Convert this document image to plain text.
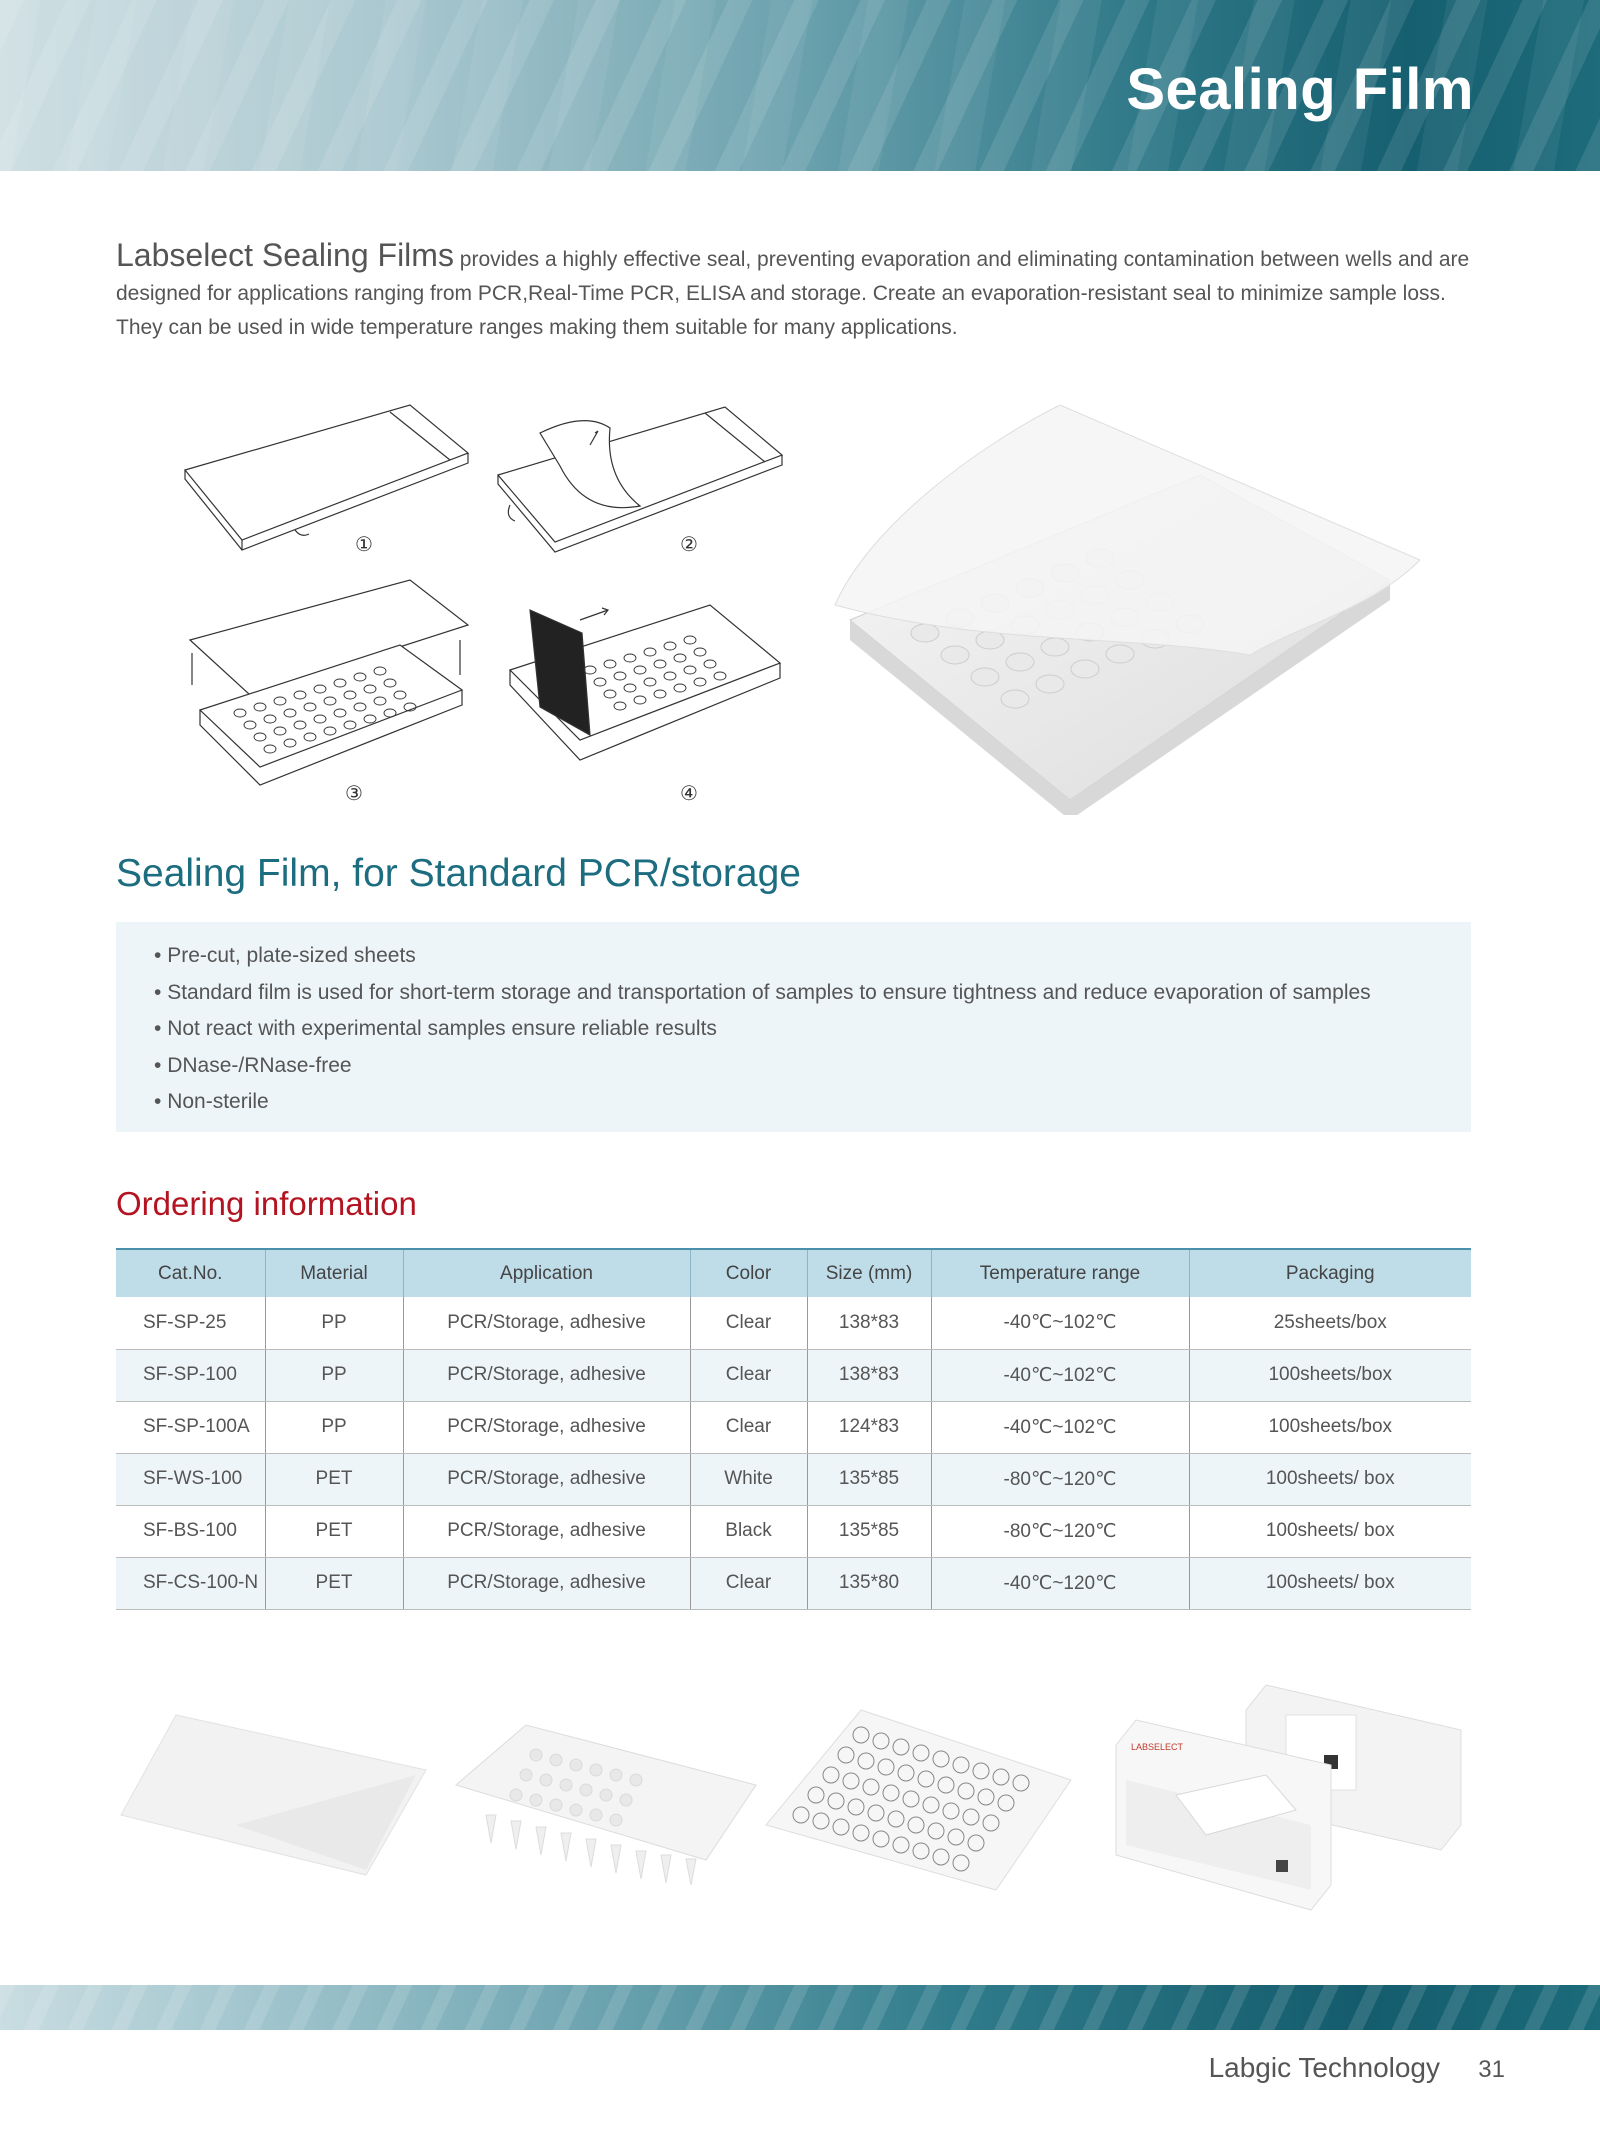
Sealing Film

Labselect Sealing Films provides a highly effective seal, preventing evaporation and eliminating contamination between wells and are designed for applications ranging from PCR,Real-Time PCR, ELISA and storage. Create an evaporation-resistant seal to minimize sample loss. They can be used in wide temperature ranges making them suitable for many applications.

①	②
③	④
Sealing Film, for Standard PCR/storage
• Pre-cut, plate-sized sheets
• Standard film is used for short-term storage and transportation of samples to ensure tightness and reduce evaporation of samples
• Not react with experimental samples ensure reliable results
• DNase-/RNase-free
• Non-sterile
Ordering information
Cat.No.	Material	Application	Color	Size (mm)	Temperature range	Packaging
SF-SP-25	PP	PCR/Storage, adhesive	Clear	138*83	-40℃~102℃	25sheets/box
SF-SP-100	PP	PCR/Storage, adhesive	Clear	138*83	-40℃~102℃	100sheets/box
SF-SP-100A	PP	PCR/Storage, adhesive	Clear	124*83	-40℃~102℃	100sheets/box
SF-WS-100	PET	PCR/Storage, adhesive	White	135*85	-80℃~120℃	100sheets/ box
SF-BS-100	PET	PCR/Storage, adhesive	Black	135*85	-80℃~120℃	100sheets/ box
SF-CS-100-N	PET	PCR/Storage, adhesive	Clear	135*80	-40℃~120℃	100sheets/ box
LABSELECT
Labgic Technology 31
